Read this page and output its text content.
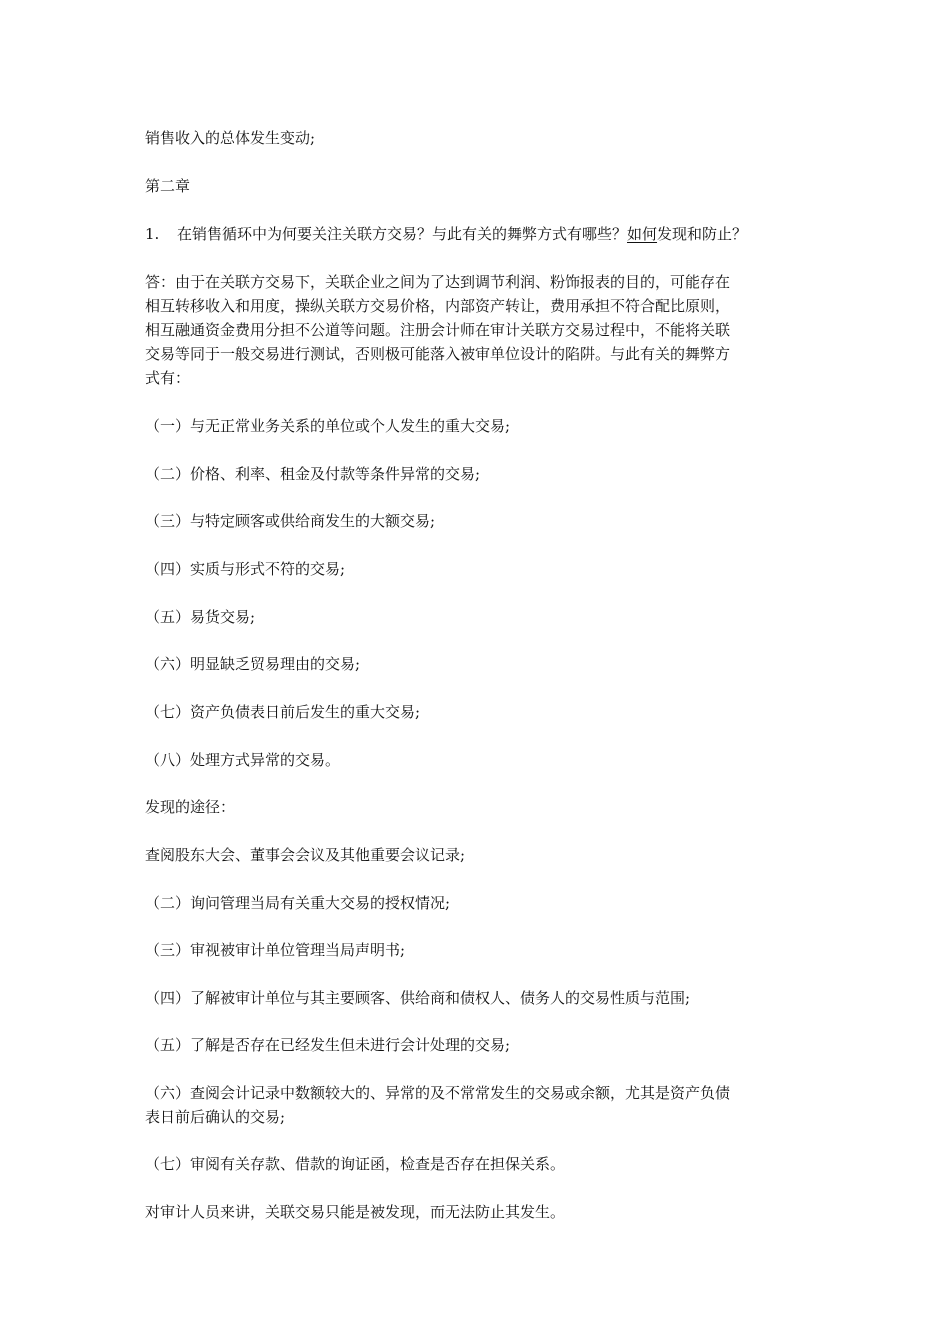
销售收入的总体发生变动;

第二章

1. 在销售循环中为何要关注关联方交易？与此有关的舞弊方式有哪些？如何发现和防止？

答：由于在关联方交易下，关联企业之间为了达到调节利润、粉饰报表的目的，可能存在
相互转移收入和用度，操纵关联方交易价格，内部资产转让，费用承担不符合配比原则，
相互融通资金费用分担不公道等问题。注册会计师在审计关联方交易过程中，不能将关联
交易等同于一般交易进行测试，否则极可能落入被审单位设计的陷阱。与此有关的舞弊方
式有：

（一）与无正常业务关系的单位或个人发生的重大交易;

（二）价格、利率、租金及付款等条件异常的交易;

（三）与特定顾客或供给商发生的大额交易;

（四）实质与形式不符的交易;

（五）易货交易;

（六）明显缺乏贸易理由的交易;

（七）资产负债表日前后发生的重大交易;

（八）处理方式异常的交易。

发现的途径：

查阅股东大会、董事会会议及其他重要会议记录;

（二）询问管理当局有关重大交易的授权情况;

（三）审视被审计单位管理当局声明书;

（四）了解被审计单位与其主要顾客、供给商和债权人、债务人的交易性质与范围;

（五）了解是否存在已经发生但未进行会计处理的交易;

（六）查阅会计记录中数额较大的、异常的及不常常发生的交易或余额，尤其是资产负债
表日前后确认的交易;

（七）审阅有关存款、借款的询证函，检查是否存在担保关系。

对审计人员来讲，关联交易只能是被发现，而无法防止其发生。
